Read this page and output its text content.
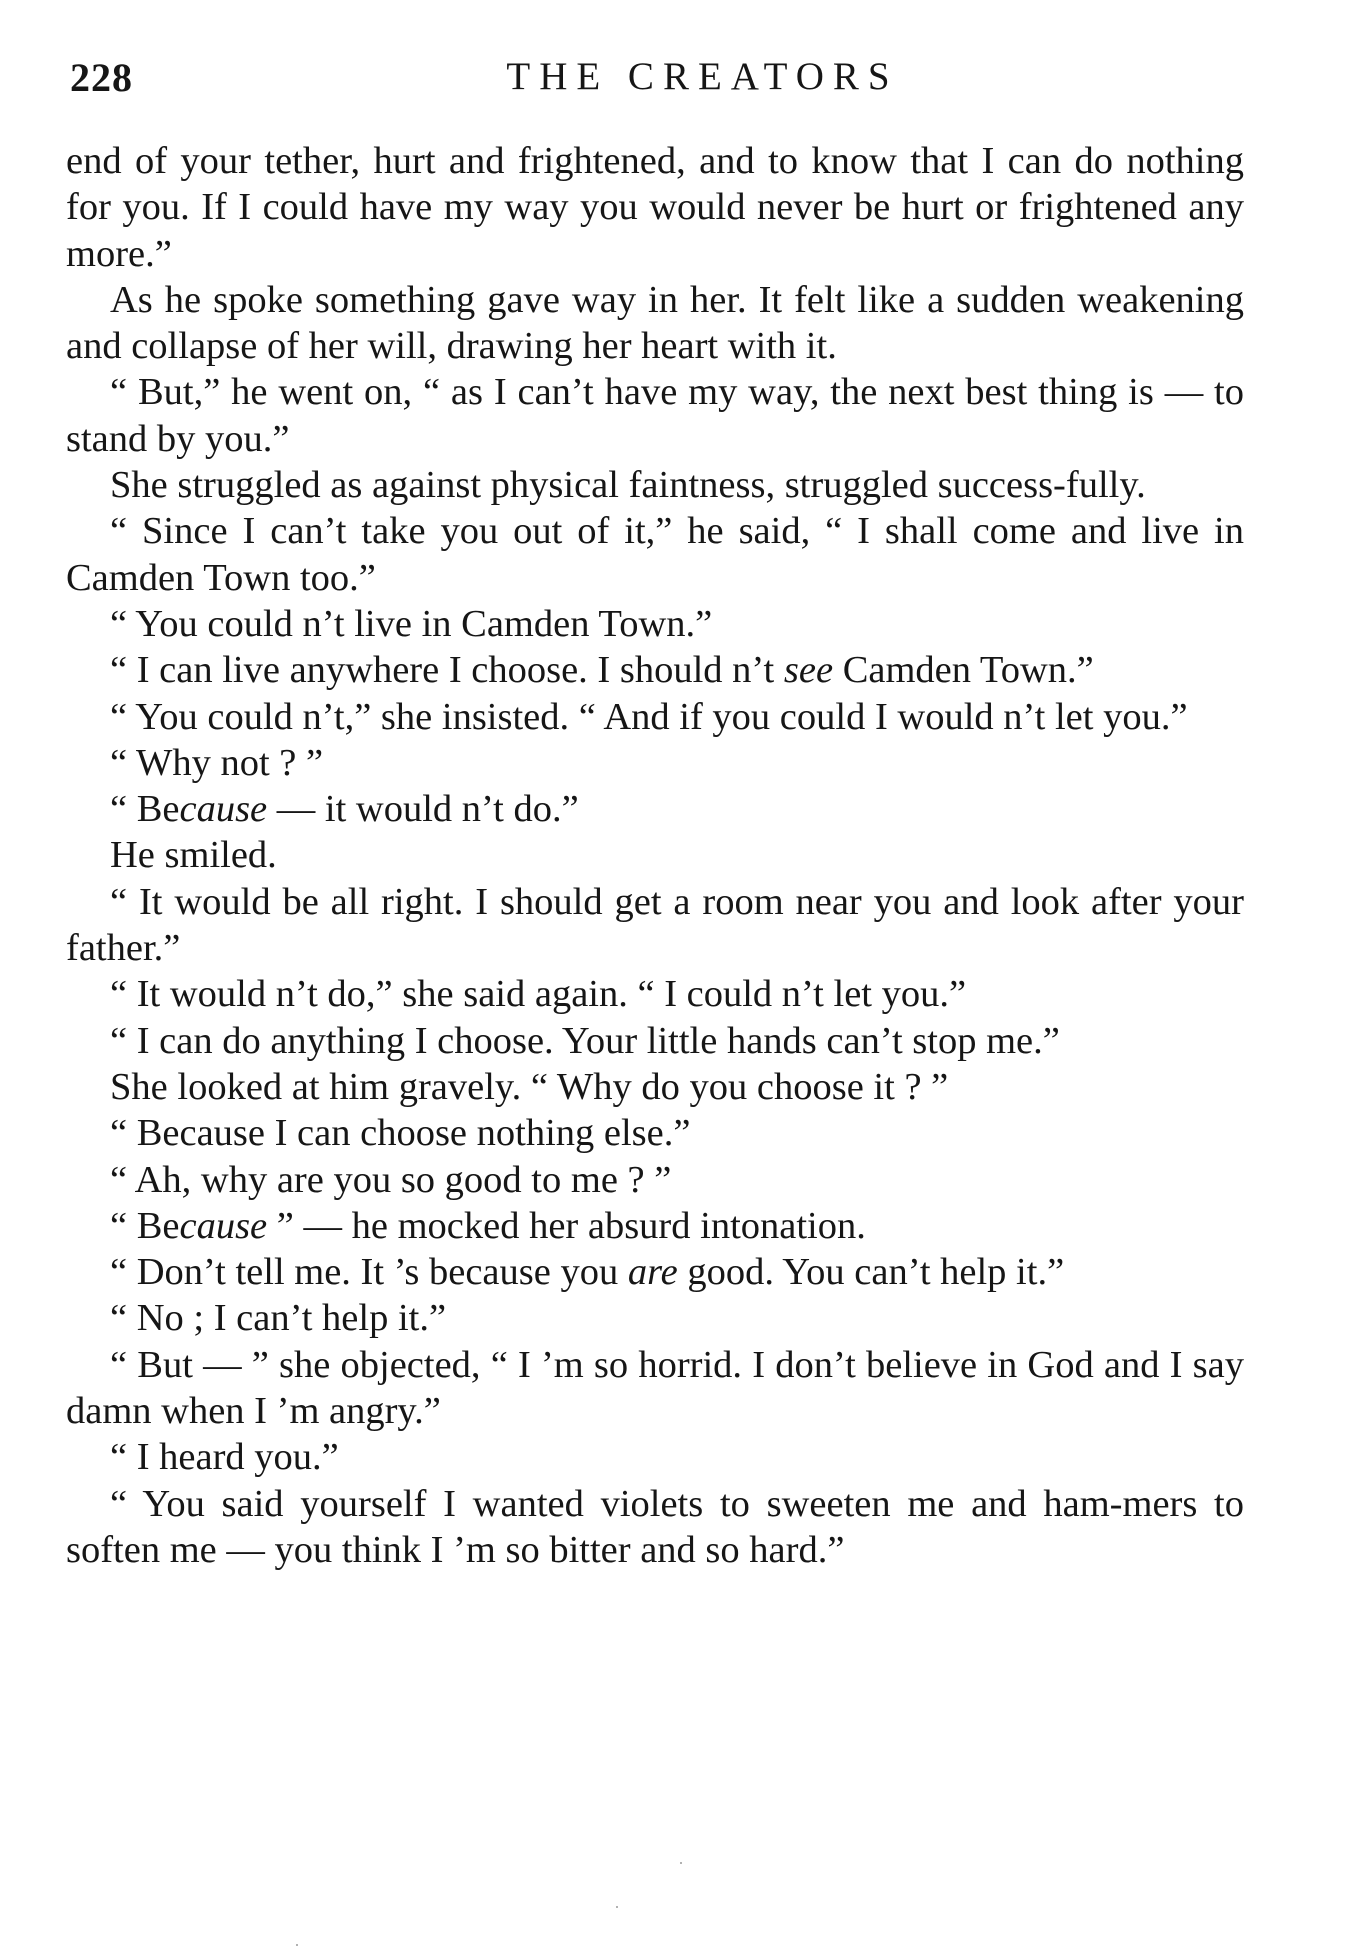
228	THE CREATORS

end of your tether, hurt and frightened, and to know that I can do nothing for you. If I could have my way you would never be hurt or frightened any more.”

As he spoke something gave way in her. It felt like a sudden weakening and collapse of her will, drawing her heart with it.

“ But,” he went on, “ as I can’t have my way, the next best thing is — to stand by you.”

She struggled as against physical faintness, struggled success-fully.

“ Since I can’t take you out of it,” he said, “ I shall come and live in Camden Town too.”

“ You could n’t live in Camden Town.”

“ I can live anywhere I choose. I should n’t see Camden Town.”

“ You could n’t,” she insisted. “ And if you could I would n’t let you.”

“ Why not ? ”

“ Because — it would n’t do.”

He smiled.

“ It would be all right. I should get a room near you and look after your father.”

“ It would n’t do,” she said again. “ I could n’t let you.”

“ I can do anything I choose. Your little hands can’t stop me.”

She looked at him gravely. “ Why do you choose it ? ”

“ Because I can choose nothing else.”

“ Ah, why are you so good to me ? ”

“ Because ” — he mocked her absurd intonation.

“ Don’t tell me. It ’s because you are good. You can’t help it.”

“ No ; I can’t help it.”

“ But — ” she objected, “ I ’m so horrid. I don’t believe in God and I say damn when I ’m angry.”

“ I heard you.”

“ You said yourself I wanted violets to sweeten me and ham-mers to soften me — you think I ’m so bitter and so hard.”
